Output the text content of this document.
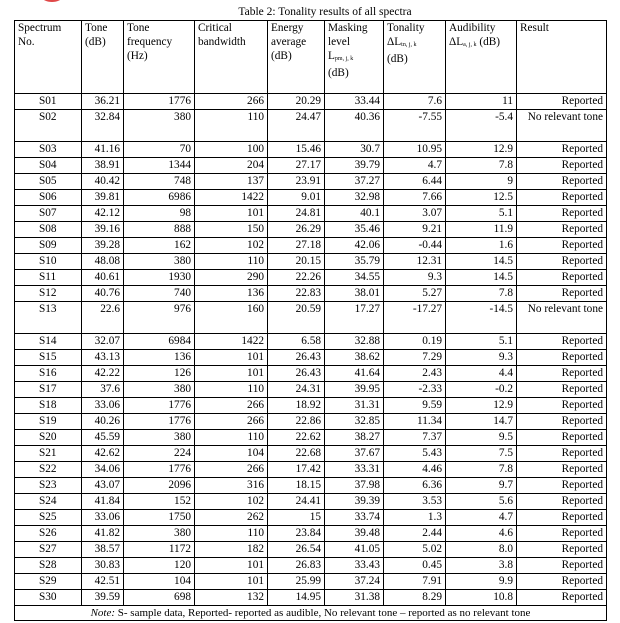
Table 2: Tonality results of all spectra
Spectrum No.	Tone (dB)	Tone frequency (Hz)	Critical bandwidth	Energy average (dB)	Masking level
$L_{pm, j, k}$
(dB)	Tonality
$\Delta L_{tn, j, k}$
(dB)	Audibility
$\Delta L_{a, j, k}$ (dB)	Result
S01	36.21	1776	266	20.29	33.44	7.6	11	Reported
S02	32.84	380	110	24.47	40.36	-7.55	-5.4	No relevant tone
S03	41.16	70	100	15.46	30.7	10.95	12.9	Reported
S04	38.91	1344	204	27.17	39.79	4.7	7.8	Reported
S05	40.42	748	137	23.91	37.27	6.44	9	Reported
S06	39.81	6986	1422	9.01	32.98	7.66	12.5	Reported
S07	42.12	98	101	24.81	40.1	3.07	5.1	Reported
S08	39.16	888	150	26.29	35.46	9.21	11.9	Reported
S09	39.28	162	102	27.18	42.06	-0.44	1.6	Reported
S10	48.08	380	110	20.15	35.79	12.31	14.5	Reported
S11	40.61	1930	290	22.26	34.55	9.3	14.5	Reported
S12	40.76	740	136	22.83	38.01	5.27	7.8	Reported
S13	22.6	976	160	20.59	17.27	-17.27	-14.5	No relevant tone
S14	32.07	6984	1422	6.58	32.88	0.19	5.1	Reported
S15	43.13	136	101	26.43	38.62	7.29	9.3	Reported
S16	42.22	126	101	26.43	41.64	2.43	4.4	Reported
S17	37.6	380	110	24.31	39.95	-2.33	-0.2	Reported
S18	33.06	1776	266	18.92	31.31	9.59	12.9	Reported
S19	40.26	1776	266	22.86	32.85	11.34	14.7	Reported
S20	45.59	380	110	22.62	38.27	7.37	9.5	Reported
S21	42.62	224	104	22.68	37.67	5.43	7.5	Reported
S22	34.06	1776	266	17.42	33.31	4.46	7.8	Reported
S23	43.07	2096	316	18.15	37.98	6.36	9.7	Reported
S24	41.84	152	102	24.41	39.39	3.53	5.6	Reported
S25	33.06	1750	262	15	33.74	1.3	4.7	Reported
S26	41.82	380	110	23.84	39.48	2.44	4.6	Reported
S27	38.57	1172	182	26.54	41.05	5.02	8.0	Reported
S28	30.83	120	101	26.83	33.43	0.45	3.8	Reported
S29	42.51	104	101	25.99	37.24	7.91	9.9	Reported
S30	39.59	698	132	14.95	31.38	8.29	10.8	Reported
Note: S- sample data, Reported- reported as audible, No relevant tone – reported as no relevant tone								
